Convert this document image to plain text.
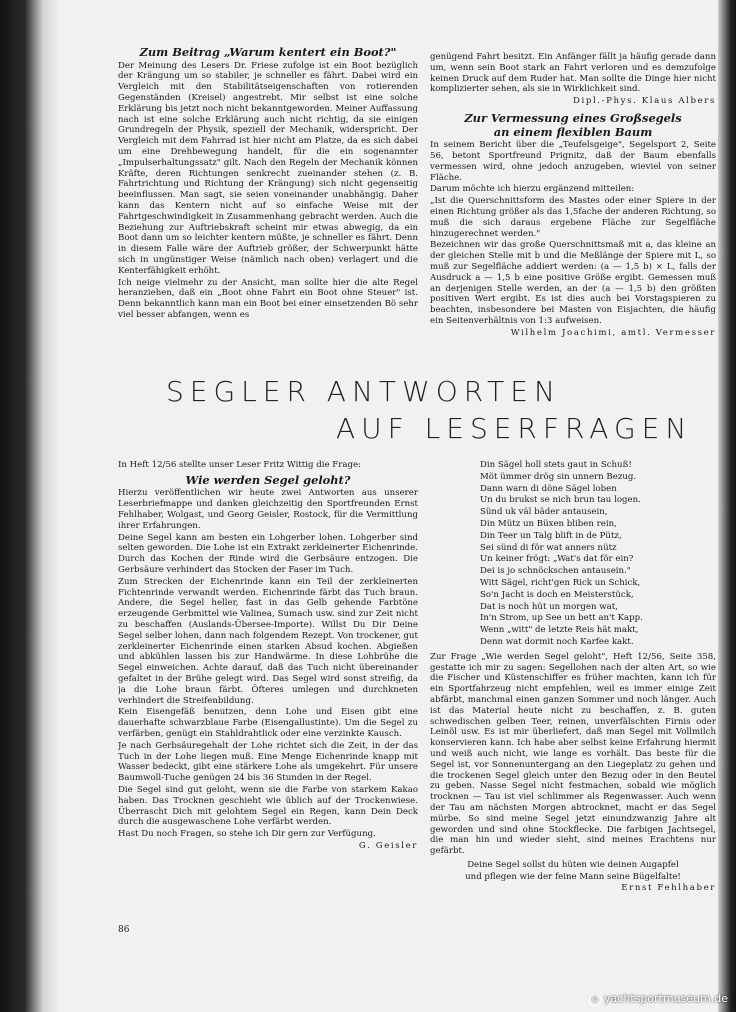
Zum Beitrag „Warum kentert ein Boot?"

Der Meinung des Lesers Dr. Friese zufolge ist ein Boot bezüglich der Krängung um so stabiler, je schneller es fährt. Dabei wird ein Vergleich mit den Stabilitätseigenschaften von rotierenden Gegenständen (Kreisel) angestrebt. Mir selbst ist eine solche Erklärung bis jetzt noch nicht bekanntgeworden. Meiner Auffassung nach ist eine solche Erklärung auch nicht richtig, da sie einigen Grundregeln der Physik, speziell der Mechanik, widerspricht. Der Vergleich mit dem Fahrrad ist hier nicht am Platze, da es sich dabei um eine Drehbewegung handelt, für die ein sogenannter „Impulserhaltungssatz" gilt. Nach den Regeln der Mechanik können Kräfte, deren Richtungen senkrecht zueinander stehen (z. B. Fahrtrichtung und Richtung der Krängung) sich nicht gegenseitig beeinflussen. Man sagt, sie seien voneinander unabhängig. Daher kann das Kentern nicht auf so einfache Weise mit der Fahrtgeschwindigkeit in Zusammenhang gebracht werden. Auch die Beziehung zur Auftriebskraft scheint mir etwas abwegig, da ein Boot dann um so leichter kentern müßte, je schneller es fährt. Denn in diesem Falle wäre der Auftrieb größer, der Schwerpunkt hätte sich in ungünstiger Weise (nämlich nach oben) verlagert und die Kenterfähigkeit erhöht.

Ich neige vielmehr zu der Ansicht, man sollte hier die alte Regel heranziehen, daß ein „Boot ohne Fahrt ein Boot ohne Steuer" ist. Denn bekanntlich kann man ein Boot bei einer einsetzenden Bö sehr viel besser abfangen, wenn es

genügend Fahrt besitzt. Ein Anfänger fällt ja häufig gerade dann um, wenn sein Boot stark an Fahrt verloren und es demzufolge keinen Druck auf dem Ruder hat. Man sollte die Dinge hier nicht komplizierter sehen, als sie in Wirklichkeit sind.

Dipl.-Phys. Klaus Albers

Zur Vermessung eines Großsegels
an einem flexiblen Baum

In seinem Bericht über die „Teufelsgeige", Segelsport 2, Seite 56, betont Sportfreund Prignitz, daß der Baum ebenfalls vermessen wird, ohne jedoch anzugeben, wieviel von seiner Fläche.

Darum möchte ich hierzu ergänzend mitteilen:

„Ist die Querschnittsform des Mastes oder einer Spiere in der einen Richtung größer als das 1,5fache der anderen Richtung, so muß die sich daraus ergebene Fläche zur Segelfläche hinzugerechnet werden."

Bezeichnen wir das große Querschnittsmaß mit a, das kleine an der gleichen Stelle mit b und die Meßlänge der Spiere mit L, so muß zur Segelfläche addiert werden: (a — 1,5 b) × L, falls der Ausdruck a — 1,5 b eine positive Größe ergibt. Gemessen muß an derjenigen Stelle werden, an der (a — 1,5 b) den größten positiven Wert ergibt. Es ist dies auch bei Vorstagspieren zu beachten, insbesondere bei Masten von Eisjachten, die häufig ein Seitenverhältnis von 1:3 aufweisen.

Wilhelm Joachimi, amtl. Vermesser

SEGLER ANTWORTEN
AUF LESERFRAGEN

In Heft 12/56 stellte unser Leser Fritz Wittig die Frage:

Wie werden Segel geloht?

Hierzu veröffentlichen wir heute zwei Antworten aus unserer Leserbriefmappe und danken gleichzeitig den Sportfreunden Ernst Fehlhaber, Wolgast, und Georg Geisler, Rostock, für die Vermittlung ihrer Erfahrungen.

Deine Segel kann am besten ein Lohgerber lohen. Lohgerber sind selten geworden. Die Lohe ist ein Extrakt zerkleinerter Eichenrinde. Durch das Kochen der Rinde wird die Gerbsäure entzogen. Die Gerbsäure verhindert das Stocken der Faser im Tuch.

Zum Strecken der Eichenrinde kann ein Teil der zerkleinerten Fichtenrinde verwandt werden. Eichenrinde färbt das Tuch braun. Andere, die Segel heller, fast in das Gelb gehende Farbtöne erzeugende Gerbmittel wie Valinea, Sumach usw. sind zur Zeit nicht zu beschaffen (Auslands-Übersee-Importe). Willst Du Dir Deine Segel selber lohen, dann nach folgendem Rezept. Von trockener, gut zerkleinerter Eichenrinde einen starken Absud kochen. Abgießen und abkühlen lassen bis zur Handwärme. In diese Lohbrühe die Segel einweichen. Achte darauf, daß das Tuch nicht übereinander gefaltet in der Brühe gelegt wird. Das Segel wird sonst streifig, da ja die Lohe braun färbt. Öfteres umlegen und durchkneten verhindert die Streifenbildung.

Kein Eisengefäß benutzen, denn Lohe und Eisen gibt eine dauerhafte schwarzblaue Farbe (Eisengallustinte). Um die Segel zu verfärben, genügt ein Stahldrahtlick oder eine verzinkte Kausch.

Je nach Gerbsäuregehalt der Lohe richtet sich die Zeit, in der das Tuch in der Lohe liegen muß. Eine Menge Eichenrinde knapp mit Wasser bedeckt, gibt eine stärkere Lohe als umgekehrt. Für unsere Baumwoll-Tuche genügen 24 bis 36 Stunden in der Regel.

Die Segel sind gut geloht, wenn sie die Farbe von starkem Kakao haben. Das Trocknen geschieht wie üblich auf der Trockenwiese. Überrascht Dich mit gelohtem Segel ein Regen, kann Dein Deck durch die ausgewaschene Lohe verfärbt werden.

Hast Du noch Fragen, so stehe ich Dir gern zur Verfügung.

G. Geisler

Din Sägel holl stets gaut in Schuß!

Möt ümmer drög sin unnern Bezug.

Dann warn di döne Sägel loben

Un du brukst se nich brun tau logen.

Sünd uk väl bäder antausein,

Din Mütz un Büxen bliben rein,

Din Teer un Talg blift in de Pütz,

Sei sünd di för wat anners nütz

Un keiner frögt: „Wat's dat för ein?

Dei is jo schnöckschen antausein."

Witt Sägel, richt'gen Rick un Schick,

So'n Jacht is doch en Meisterstück,

Dat is noch hüt un morgen wat,

In'n Strom, up See un bett an't Kapp.

Wenn „witt" de letzte Reis hät makt,

Denn wat dormit noch Karfee kakt.

Zur Frage „Wie werden Segel geloht", Heft 12/56, Seite 358, gestatte ich mir zu sagen: Segellohen nach der alten Art, so wie die Fischer und Küstenschiffer es früher machten, kann ich für ein Sportfahrzeug nicht empfehlen, weil es immer einige Zeit abfärbt, manchmal einen ganzen Sommer und noch länger. Auch ist das Material heute nicht zu beschaffen, z. B. guten schwedischen gelben Teer, reinen, unverfälschten Firnis oder Leinöl usw. Es ist mir überliefert, daß man Segel mit Vollmilch konservieren kann. Ich habe aber selbst keine Erfahrung hiermit und weiß auch nicht, wie lange es vorhält. Das beste für die Segel ist, vor Sonnenuntergang an den Liegeplatz zu gehen und die trockenen Segel gleich unter den Bezug oder in den Beutel zu geben. Nasse Segel nicht festmachen, sobald wie möglich trocknen — Tau ist viel schlimmer als Regenwasser. Auch wenn der Tau am nächsten Morgen abtrocknet, macht er das Segel mürbe. So sind meine Segel jetzt einundzwanzig Jahre alt geworden und sind ohne Stockflecke. Die farbigen Jachtsegel, die man hin und wieder sieht, sind meines Erachtens nur gefärbt.

Deine Segel sollst du hüten wie deinen Augapfel

und pflegen wie der feine Mann seine Bügelfalte!

Ernst Fehlhaber

86
© yachtsportmuseum.de
